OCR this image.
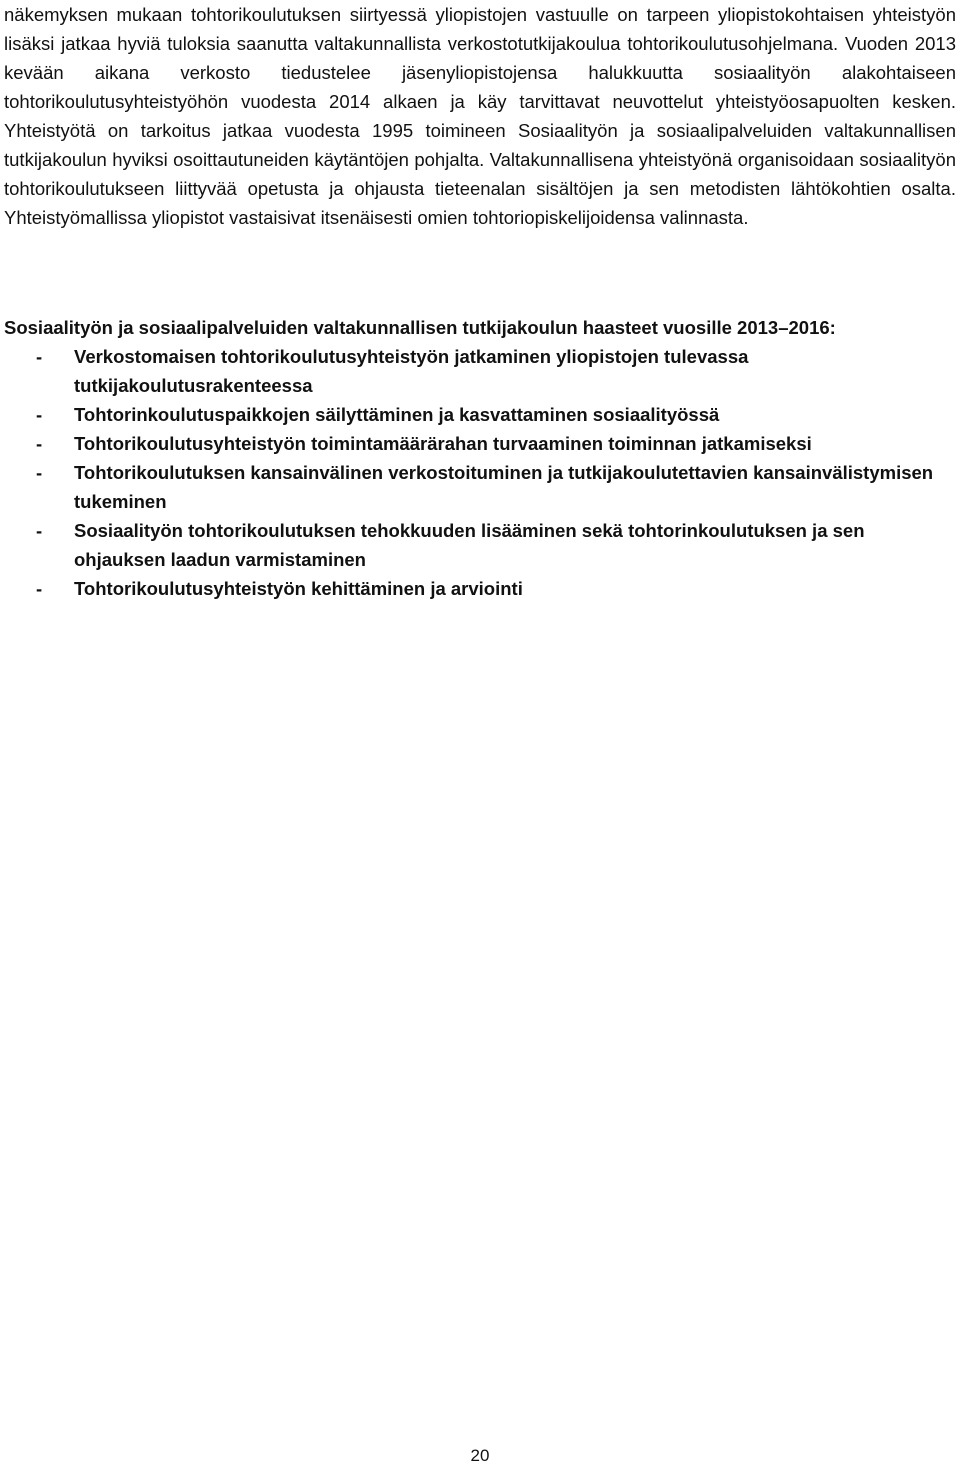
näkemyksen mukaan tohtorikoulutuksen siirtyessä yliopistojen vastuulle on tarpeen yliopistokohtaisen yhteistyön lisäksi jatkaa hyviä tuloksia saanutta valtakunnallista verkostotutkijakoulua tohtorikoulutusohjelmana. Vuoden 2013 kevään aikana verkosto tiedustelee jäsenyliopistojensa halukkuutta sosiaalityön alakohtaiseen tohtorikoulutusyhteistyöhön vuodesta 2014 alkaen ja käy tarvittavat neuvottelut yhteistyöosapuolten kesken. Yhteistyötä on tarkoitus jatkaa vuodesta 1995 toimineen Sosiaalityön ja sosiaalipalveluiden valtakunnallisen tutkijakoulun hyviksi osoittautuneiden käytäntöjen pohjalta. Valtakunnallisena yhteistyönä organisoidaan sosiaalityön tohtorikoulutukseen liittyvää opetusta ja ohjausta tieteenalan sisältöjen ja sen metodisten lähtökohtien osalta. Yhteistyömallissa yliopistot vastaisivat itsenäisesti omien tohtoriopiskelijoidensa valinnasta.

Sosiaalityön ja sosiaalipalveluiden valtakunnallisen tutkijakoulun haasteet vuosille 2013–2016:

- Verkostomaisen tohtorikoulutusyhteistyön jatkaminen yliopistojen tulevassa tutkijakoulutusrakenteessa
- Tohtorinkoulutuspaikkojen säilyttäminen ja kasvattaminen sosiaalityössä
- Tohtorikoulutusyhteistyön toimintamäärärahan turvaaminen toiminnan jatkamiseksi
- Tohtorikoulutuksen kansainvälinen verkostoituminen ja tutkijakoulutettavien kansainvälistymisen tukeminen
- Sosiaalityön tohtorikoulutuksen tehokkuuden lisääminen sekä tohtorinkoulutuksen ja sen ohjauksen laadun varmistaminen
- Tohtorikoulutusyhteistyön kehittäminen ja arviointi
20
